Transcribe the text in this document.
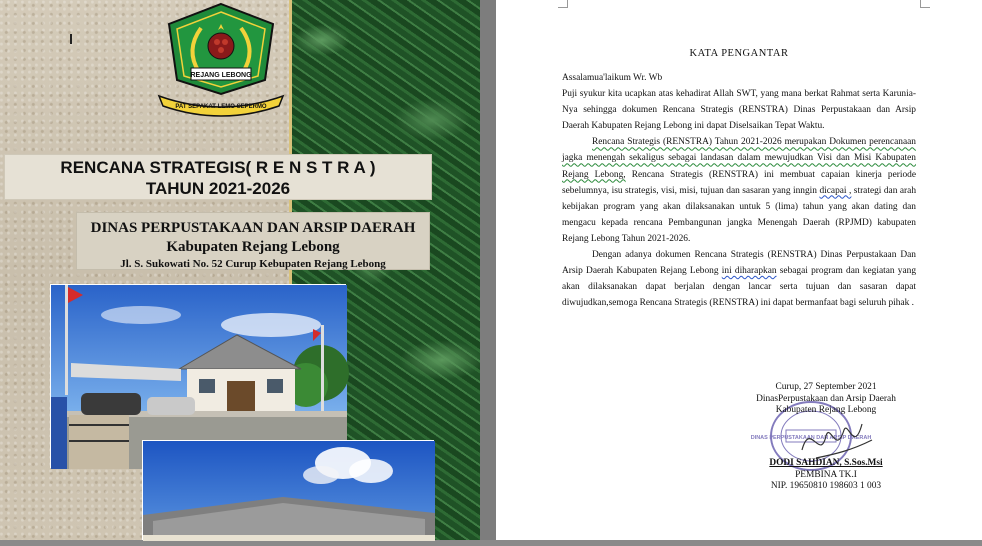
REJANG LEBONG
PAT SEPAKAT LEMO SEPERMO
RENCANA STRATEGIS( R E N S T R A )
TAHUN 2021-2026
DINAS PERPUSTAKAAN DAN ARSIP DAERAH
Kabupaten Rejang Lebong
Jl. S. Sukowati No. 52 Curup Kebupaten Rejang Lebong
KATA PENGANTAR

Assalamua'laikum Wr. Wb

Puji syukur kita ucapkan atas kehadirat Allah SWT, yang mana berkat Rahmat serta Karunia-Nya sehingga dokumen Rencana Strategis (RENSTRA) Dinas Perpustakaan dan Arsip Daerah Kabupaten Rejang Lebong ini dapat Diselsaikan Tepat Waktu.

Rencana Strategis (RENSTRA) Tahun 2021-2026 merupakan Dokumen perencanaan jagka menengah sekaligus sebagai landasan dalam mewujudkan Visi dan Misi Kabupaten Rejang Lebong, Rencana Strategis (RENSTRA) ini membuat capaian kinerja periode sebelumnya, isu strategis, visi, misi, tujuan dan sasaran yang inngin dicapai , strategi dan arah kebijakan program yang akan dilaksanakan untuk 5 (lima) tahun yang akan dating dan mengacu kepada rencana Pembangunan jangka Menengah Daerah (RPJMD) kabupaten Rejang Lebong Tahun 2021-2026.

Dengan adanya dokumen Rencana Strategis (RENSTRA) Dinas Perpustakaan Dan Arsip Daerah Kabupaten Rejang Lebong ini diharapkan sebagai program dan kegiatan yang akan dilaksanakan dapat berjalan dengan lancar serta tujuan dan sasaran dapat diwujudkan,semoga Rencana Strategis (RENSTRA) ini dapat bermanfaat bagi seluruh pihak .

DINAS PERPUSTAKAAN DAN ARSIP DAERAH
Curup, 27 September 2021
DinasPerpustakaan dan Arsip Daerah
Kabupaten Rejang Lebong
DODI SAHDIAN, S.Sos.Msi
PEMBINA TK.I
NIP. 19650810 198603 1 003
